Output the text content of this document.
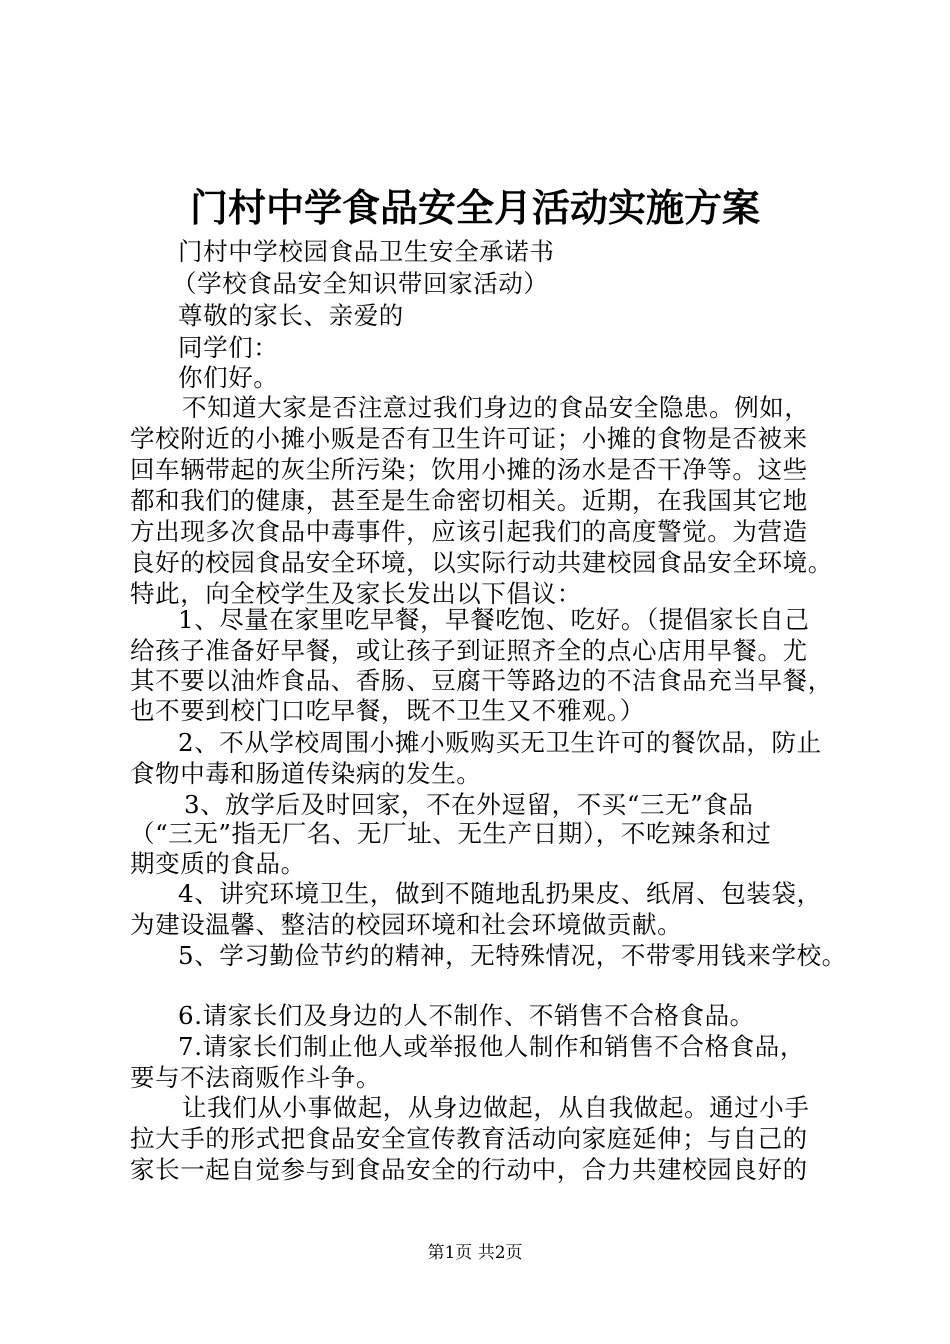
门村中学食品安全月活动实施方案
门村中学校园食品卫生安全承诺书
（学校食品安全知识带回家活动）
尊敬的家长、亲爱的
同学们：
你们好。
不知道大家是否注意过我们身边的食品安全隐患。例如，
学校附近的小摊小贩是否有卫生许可证；小摊的食物是否被来
回车辆带起的灰尘所污染；饮用小摊的汤水是否干净等。这些
都和我们的健康，甚至是生命密切相关。近期，在我国其它地
方出现多次食品中毒事件，应该引起我们的高度警觉。为营造
良好的校园食品安全环境，以实际行动共建校园食品安全环境。
特此，向全校学生及家长发出以下倡议：
1、尽量在家里吃早餐，早餐吃饱、吃好。（提倡家长自己
给孩子准备好早餐，或让孩子到证照齐全的点心店用早餐。尤
其不要以油炸食品、香肠、豆腐干等路边的不洁食品充当早餐，
也不要到校门口吃早餐，既不卫生又不雅观。）
2、不从学校周围小摊小贩购买无卫生许可的餐饮品，防止
食物中毒和肠道传染病的发生。
3、放学后及时回家，不在外逗留，不买“三无”食品
（“三无”指无厂名、无厂址、无生产日期），不吃辣条和过
期变质的食品。
4、讲究环境卫生，做到不随地乱扔果皮、纸屑、包装袋，
为建设温馨、整洁的校园环境和社会环境做贡献。
5、学习勤俭节约的精神，无特殊情况，不带零用钱来学校。
6.请家长们及身边的人不制作、不销售不合格食品。
7.请家长们制止他人或举报他人制作和销售不合格食品，
要与不法商贩作斗争。
让我们从小事做起，从身边做起，从自我做起。通过小手
拉大手的形式把食品安全宣传教育活动向家庭延伸；与自己的
家长一起自觉参与到食品安全的行动中，合力共建校园良好的
第1页 共2页
